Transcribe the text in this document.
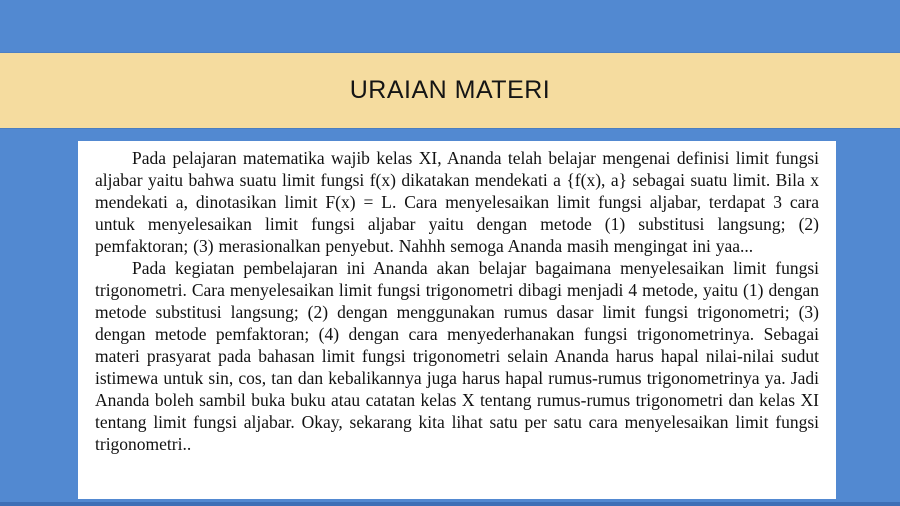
URAIAN MATERI

Pada pelajaran matematika wajib kelas XI, Ananda telah belajar mengenai definisi limit fungsi aljabar yaitu bahwa suatu limit fungsi f(x) dikatakan mendekati a {f(x), a} sebagai suatu limit. Bila x mendekati a, dinotasikan limit F(x) = L. Cara menyelesaikan limit fungsi aljabar, terdapat 3 cara untuk menyelesaikan limit fungsi aljabar yaitu dengan metode (1) substitusi langsung; (2) pemfaktoran; (3) merasionalkan penyebut. Nahhh semoga Ananda masih mengingat ini yaa...

Pada kegiatan pembelajaran ini Ananda akan belajar bagaimana menyelesaikan limit fungsi trigonometri. Cara menyelesaikan limit fungsi trigonometri dibagi menjadi 4 metode, yaitu (1) dengan metode substitusi langsung; (2) dengan menggunakan rumus dasar limit fungsi trigonometri; (3) dengan metode pemfaktoran; (4) dengan cara menyederhanakan fungsi trigonometrinya. Sebagai materi prasyarat pada bahasan limit fungsi trigonometri selain Ananda harus hapal nilai-nilai sudut istimewa untuk sin, cos, tan dan kebalikannya juga harus hapal rumus-rumus trigonometrinya ya. Jadi Ananda boleh sambil buka buku atau catatan kelas X tentang rumus-rumus trigonometri dan kelas XI tentang limit fungsi aljabar. Okay, sekarang kita lihat satu per satu cara menyelesaikan limit fungsi trigonometri..
